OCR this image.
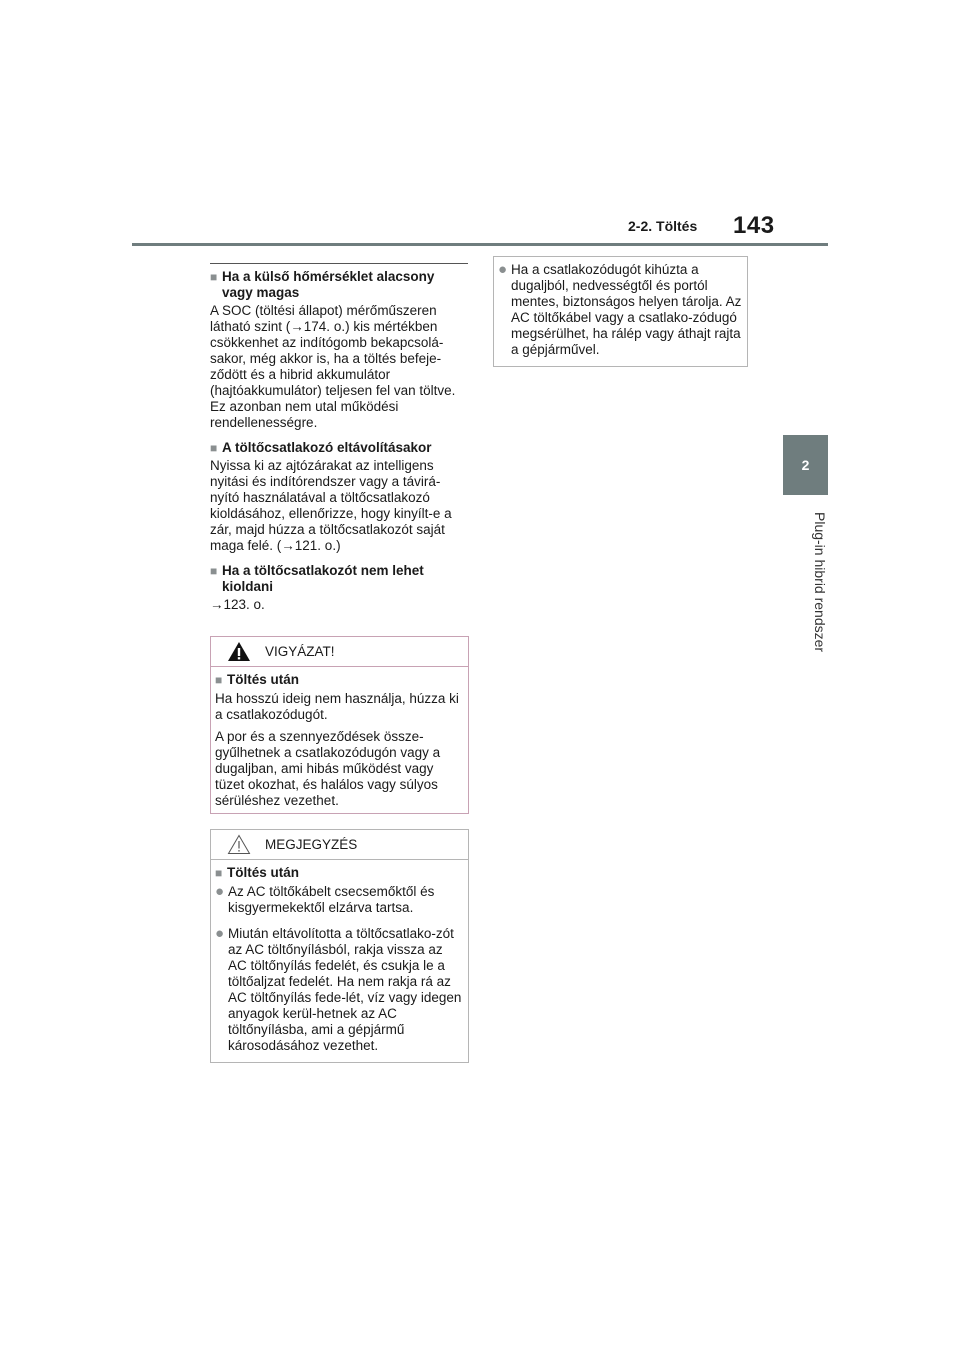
2-2. Töltés 143
2
Plug-in hibrid rendszer
■ Ha a külső hőmérséklet alacsony vagy magas

A SOC (töltési állapot) mérőműszeren látható szint (→174. o.) kis mértékben csökkenhet az indítógomb bekapcsolá-sakor, még akkor is, ha a töltés befeje-ződött és a hibrid akkumulátor (hajtóakkumulátor) teljesen fel van töltve. Ez azonban nem utal működési rendellenességre.

■ A töltőcsatlakozó eltávolításakor

Nyissa ki az ajtózárakat az intelligens nyitási és indítórendszer vagy a távirá-nyító használatával a töltőcsatlakozó kioldásához, ellenőrizze, hogy kinyílt-e a zár, majd húzza a töltőcsatlakozót saját maga felé. (→121. o.)

■ Ha a töltőcsatlakozót nem lehet kioldani

→123. o.

VIGYÁZAT!
■ Töltés után

Ha hosszú ideig nem használja, húzza ki a csatlakozódugót.

A por és a szennyeződések össze-gyűlhetnek a csatlakozódugón vagy a dugaljban, ami hibás működést vagy tüzet okozhat, és halálos vagy súlyos sérüléshez vezethet.

MEGJEGYZÉS
■ Töltés után
● Az AC töltőkábelt csecsemőktől és kisgyermekektől elzárva tartsa.
● Miután eltávolította a töltőcsatlako-zót az AC töltőnyílásból, rakja vissza az AC töltőnyílás fedelét, és csukja le a töltőaljzat fedelét. Ha nem rakja rá az AC töltőnyílás fede-lét, víz vagy idegen anyagok kerül-hetnek az AC töltőnyílásba, ami a gépjármű károsodásához vezethet.
● Ha a csatlakozódugót kihúzta a dugaljból, nedvességtől és portól mentes, biztonságos helyen tárolja. Az AC töltőkábel vagy a csatlako-zódugó megsérülhet, ha rálép vagy áthajt rajta a gépjárművel.
